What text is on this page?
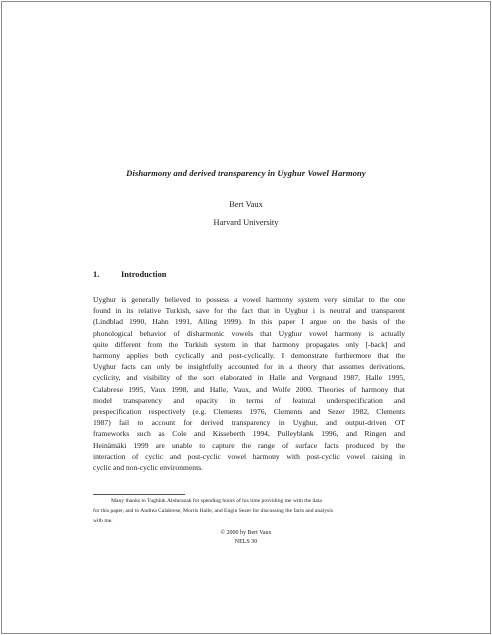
Disharmony and derived transparency in Uyghur Vowel Harmony
Bert Vaux
Harvard University
1.	Introduction
Uyghur is generally believed to possess a vowel harmony system very similar to the one
found in its relative Turkish, save for the fact that in Uyghur i is neutral and transparent
(Lindblad 1990, Hahn 1991, Alling 1999). In this paper I argue on the basis of the
phonological behavior of disharmonic vowels that Uyghur vowel harmony is actually
quite different from the Turkish system in that harmony propagates only [-back] and
harmony applies both cyclically and post-cyclically. I demonstrate furthermore that the
Uyghur facts can only be insightfully accounted for in a theory that assumes derivations,
cyclicity, and visibility of the sort elaborated in Halle and Vergnaud 1987, Halle 1995,
Calabrese 1995, Vaux 1998, and Halle, Vaux, and Wolfe 2000. Theories of harmony that
model transparency and opacity in terms of featural underspecification and
prespecification respectively (e.g. Clements 1976, Clements and Sezer 1982, Clements
1987) fail to account for derived transparency in Uyghur, and output-driven OT
frameworks such as Cole and Kisseberth 1994, Pulleyblank 1996, and Ringen and
Heinämäki 1999 are unable to capture the range of surface facts produced by the
interaction of cyclic and post-cyclic vowel harmony with post-cyclic vowel raising in
cyclic and non-cyclic environments.
Many thanks to Tughluk Abdurazak for spending hours of his time providing me with the data
for this paper, and to Andrea Calabrese, Morris Halle, and Engin Sezer for discussing the facts and analysis
with me.
© 2000 by Bert Vaux
NELS 30
